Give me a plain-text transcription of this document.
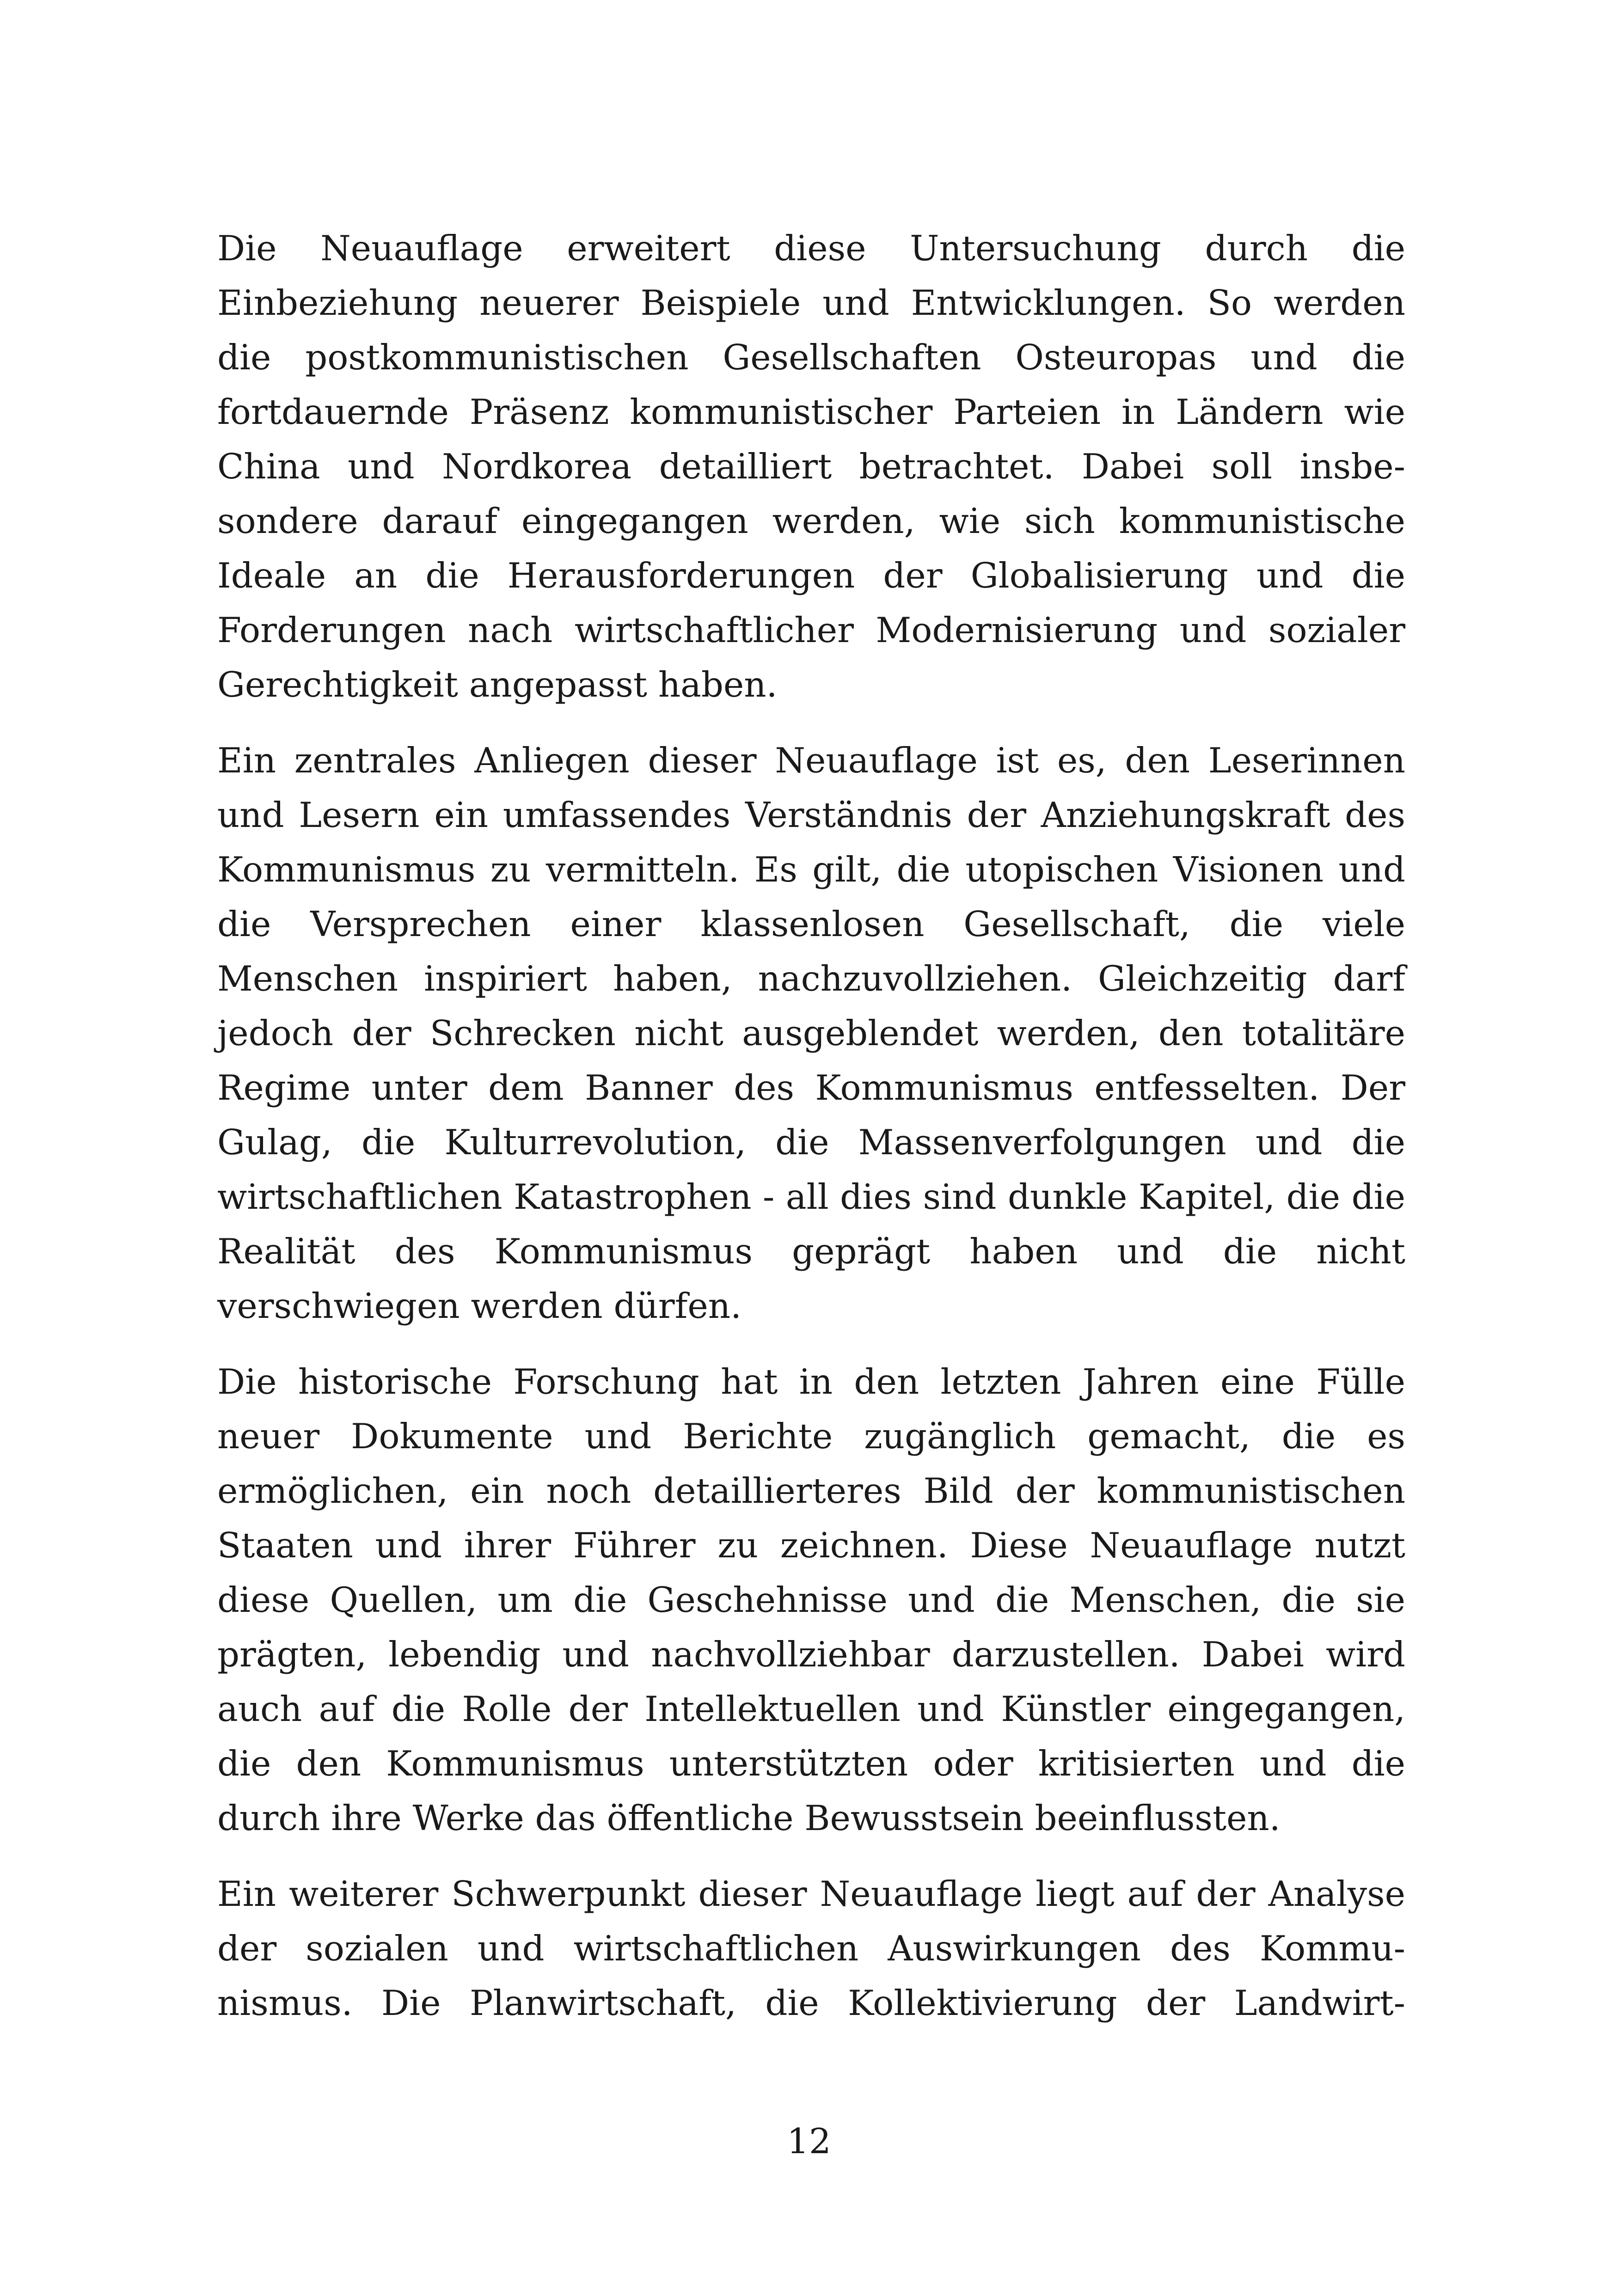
Die Neuauflage erweitert diese Untersuchung durch die Einbeziehung neuerer Beispiele und Entwicklungen. So werden die postkommunistischen Gesellschaften Osteuropas und die fortdauernde Präsenz kommunistischer Parteien in Ländern wie China und Nordkorea detailliert betrachtet. Dabei soll insbesondere darauf eingegangen werden, wie sich kommunistische Ideale an die Herausforderungen der Globalisierung und die Forderungen nach wirtschaftlicher Modernisierung und sozialer Gerechtigkeit angepasst haben.

Ein zentrales Anliegen dieser Neuauflage ist es, den Leserinnen und Lesern ein umfassendes Verständnis der Anziehungskraft des Kommunismus zu vermitteln. Es gilt, die utopischen Visionen und die Versprechen einer klassenlosen Gesellschaft, die viele Menschen inspiriert haben, nachzuvollziehen. Gleichzeitig darf jedoch der Schrecken nicht ausgeblendet werden, den totalitäre Regime unter dem Banner des Kommunismus entfesselten. Der Gulag, die Kulturrevolution, die Massenverfolgungen und die wirtschaftlichen Katastrophen - all dies sind dunkle Kapitel, die die Realität des Kommunismus geprägt haben und die nicht verschwiegen werden dürfen.

Die historische Forschung hat in den letzten Jahren eine Fülle neuer Dokumente und Berichte zugänglich gemacht, die es ermöglichen, ein noch detaillierteres Bild der kommunistischen Staaten und ihrer Führer zu zeichnen. Diese Neuauflage nutzt diese Quellen, um die Geschehnisse und die Menschen, die sie prägten, lebendig und nachvollziehbar darzustellen. Dabei wird auch auf die Rolle der Intellektuellen und Künstler eingegangen, die den Kommunismus unterstützten oder kritisierten und die durch ihre Werke das öffentliche Bewusstsein beeinflussten.

Ein weiterer Schwerpunkt dieser Neuauflage liegt auf der Analyse der sozialen und wirtschaftlichen Auswirkungen des Kommunismus. Die Planwirtschaft, die Kollektivierung der Landwirt-

12
